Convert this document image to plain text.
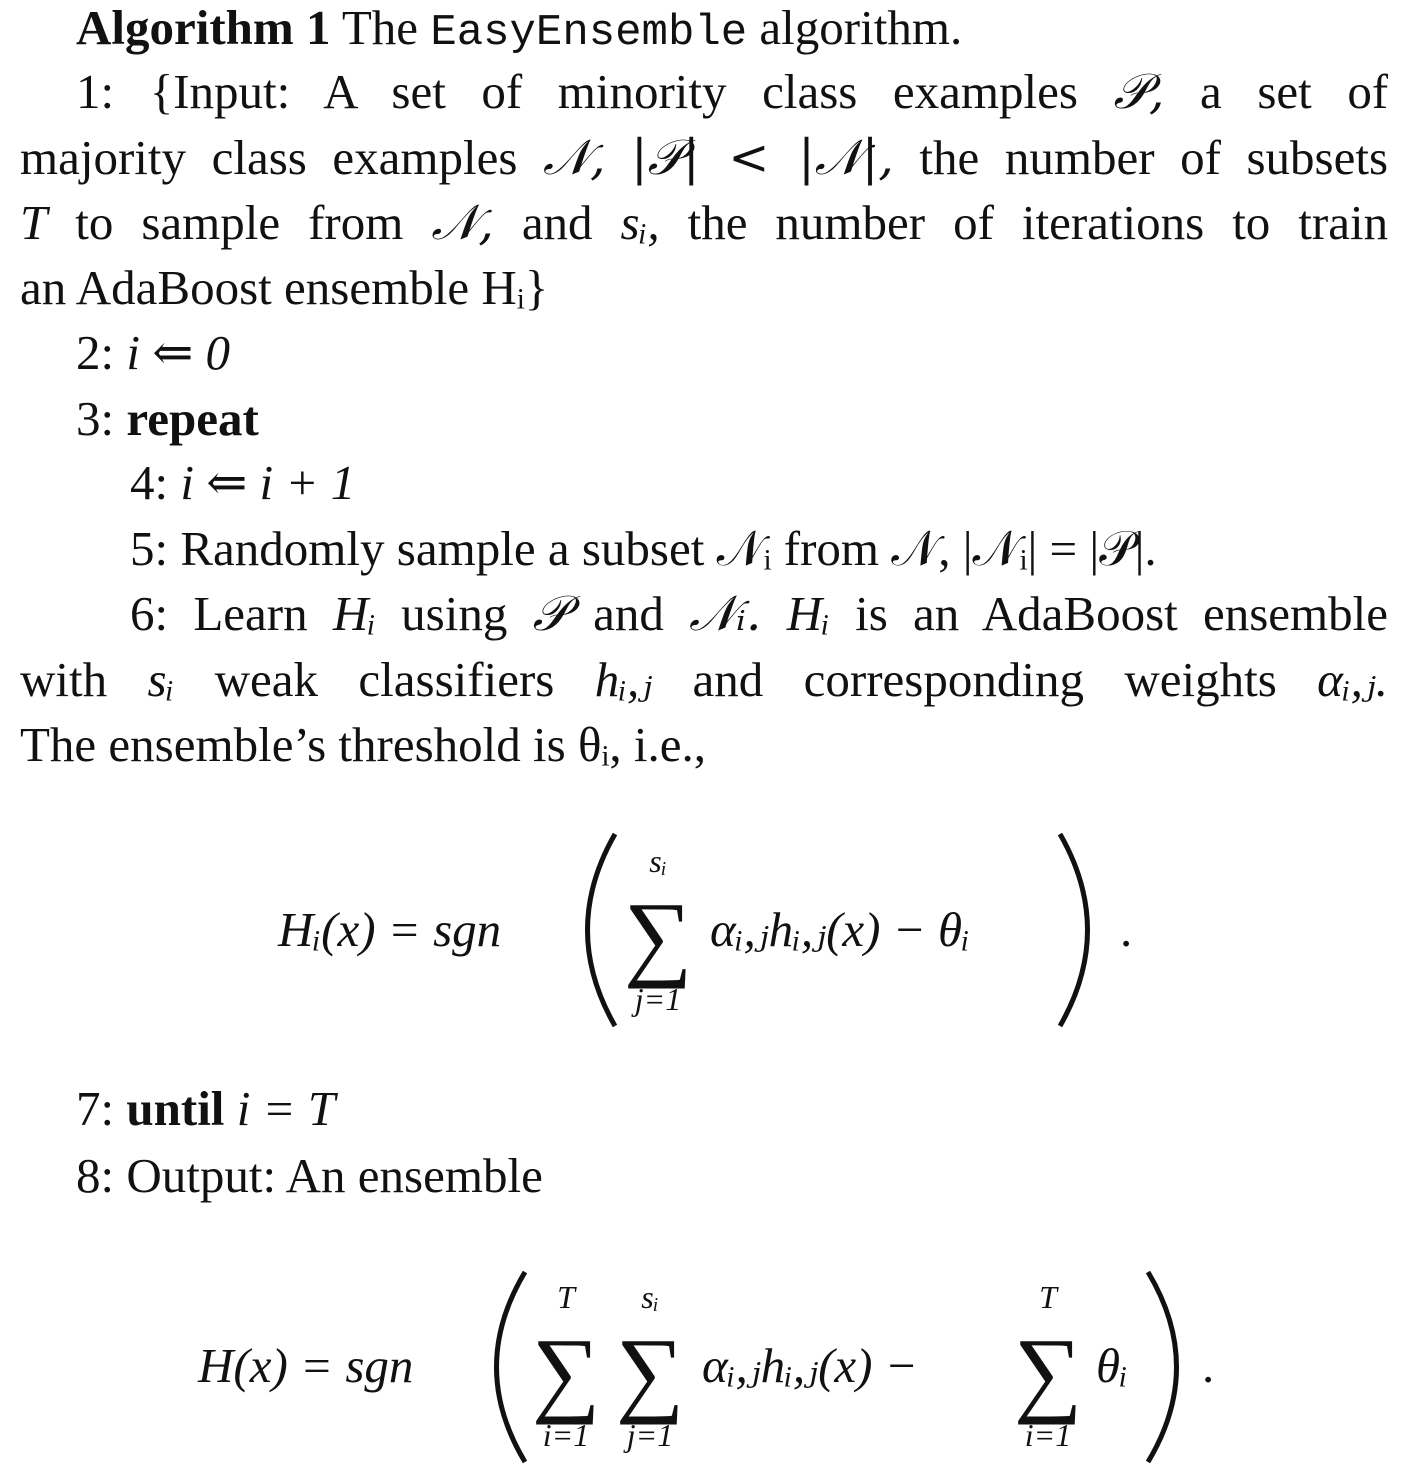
Algorithm 1 The EasyEnsemble algorithm.
1: {Input: A set of minority class examples 𝒫, a set of
majority class examples 𝒩, |𝒫| < |𝒩|, the number of subsets
T to sample from 𝒩, and sᵢ, the number of iterations to train
an AdaBoost ensemble Hᵢ}
2: i ⇐ 0
3: repeat
4: i ⇐ i + 1
5: Randomly sample a subset 𝒩ᵢ from 𝒩, |𝒩ᵢ| = |𝒫|.
6: Learn Hᵢ using 𝒫 and 𝒩ᵢ. Hᵢ is an AdaBoost ensemble
with sᵢ weak classifiers hᵢ,ⱼ and corresponding weights αᵢ,ⱼ.
The ensemble’s threshold is θᵢ, i.e.,
Hᵢ(x) = sgn
sᵢ
∑
j=1
αᵢ,ⱼhᵢ,ⱼ(x) − θᵢ	.
7: until i = T
8: Output: An ensemble
H(x) = sgn
T
∑
i=1
sᵢ
∑
j=1
αᵢ,ⱼhᵢ,ⱼ(x) −
T
∑
i=1
θᵢ .
